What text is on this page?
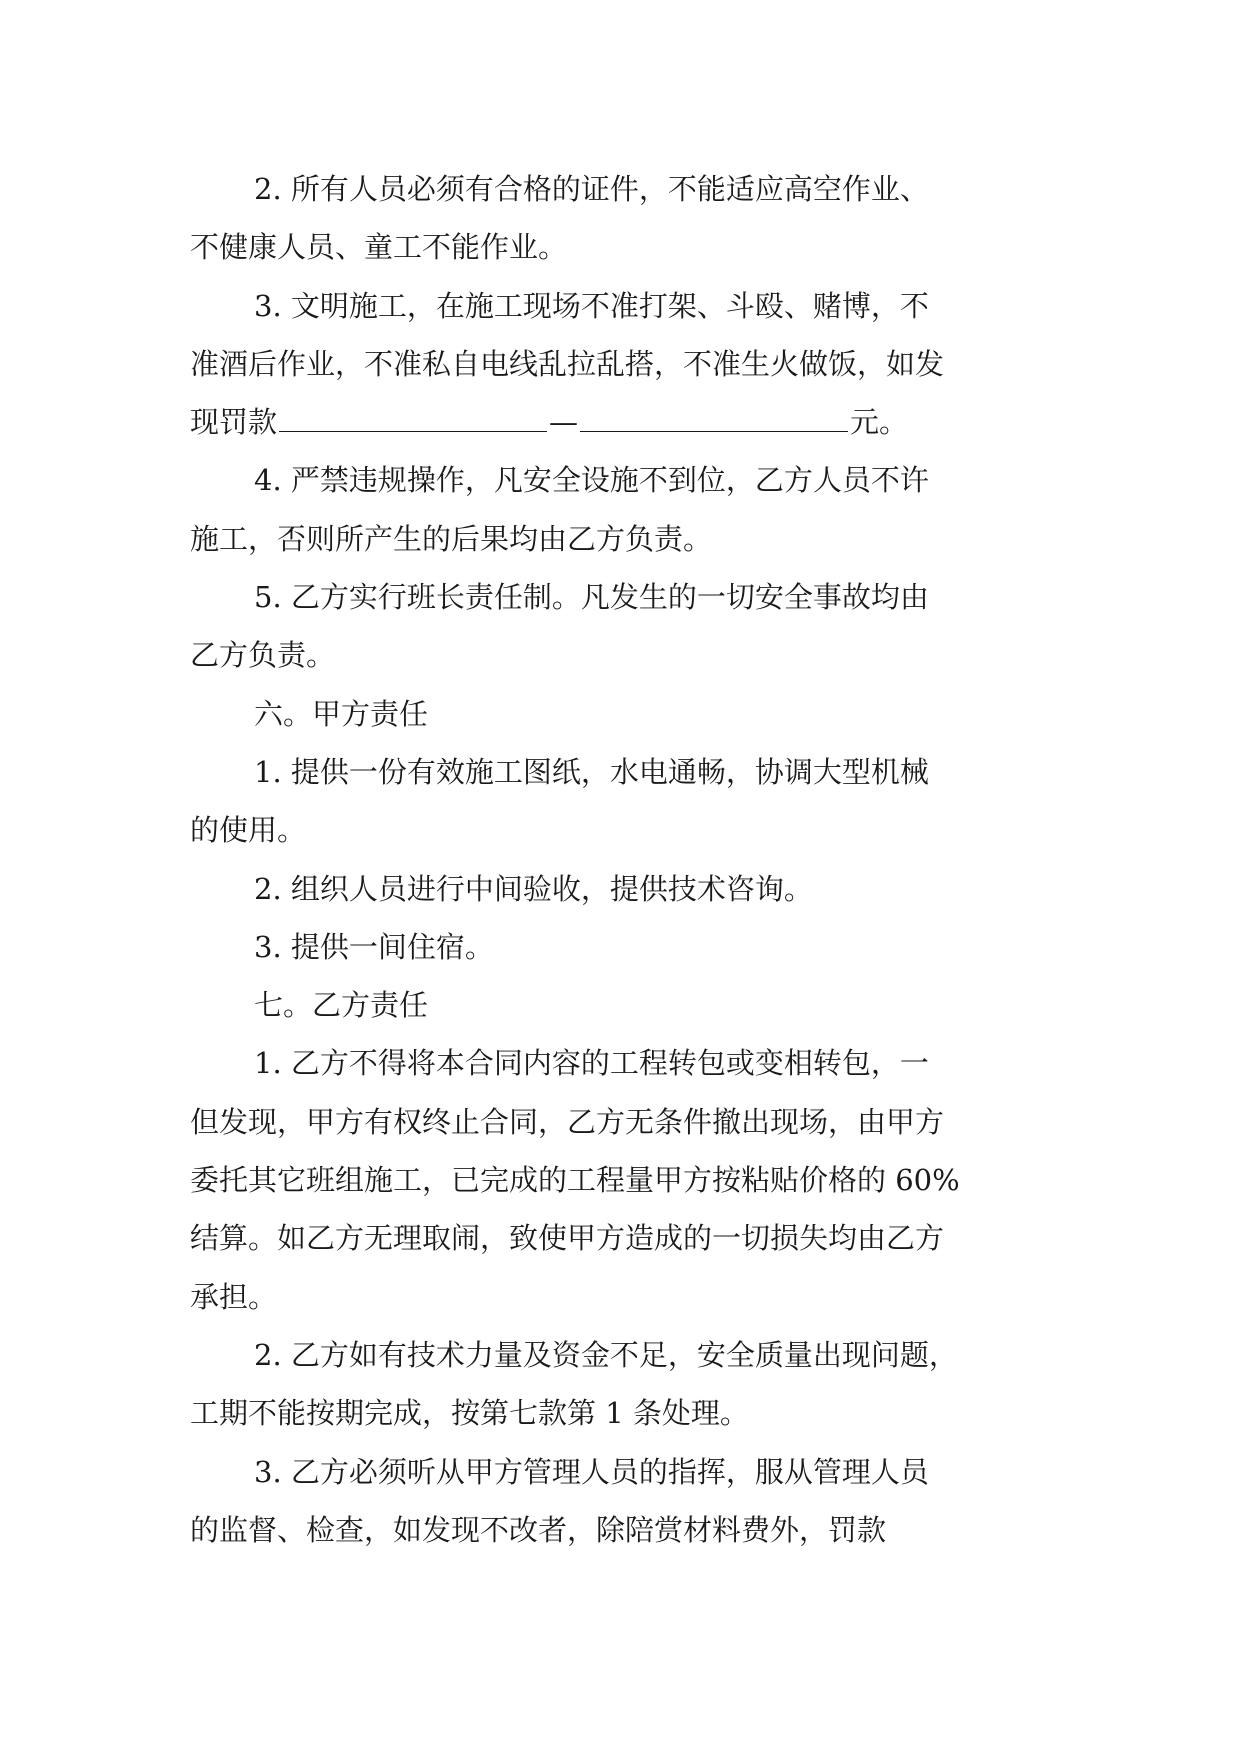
2. 所有人员必须有合格的证件，不能适应高空作业、
不健康人员、童工不能作业。
3. 文明施工，在施工现场不准打架、斗殴、赌博，不
准酒后作业，不准私自电线乱拉乱搭，不准生火做饭，如发
现罚款	—	元。
4. 严禁违规操作，凡安全设施不到位，乙方人员不许
施工，否则所产生的后果均由乙方负责。
5. 乙方实行班长责任制。凡发生的一切安全事故均由
乙方负责。
六。甲方责任
1. 提供一份有效施工图纸，水电通畅，协调大型机械
的使用。
2. 组织人员进行中间验收，提供技术咨询。
3. 提供一间住宿。
七。乙方责任
1. 乙方不得将本合同内容的工程转包或变相转包，一
但发现，甲方有权终止合同，乙方无条件撤出现场，由甲方
委托其它班组施工，已完成的工程量甲方按粘贴价格的 60%
结算。如乙方无理取闹，致使甲方造成的一切损失均由乙方
承担。
2. 乙方如有技术力量及资金不足，安全质量出现问题，
工期不能按期完成，按第七款第 1 条处理。
3. 乙方必须听从甲方管理人员的指挥，服从管理人员
的监督、检查，如发现不改者，除陪赏材料费外，罚款
